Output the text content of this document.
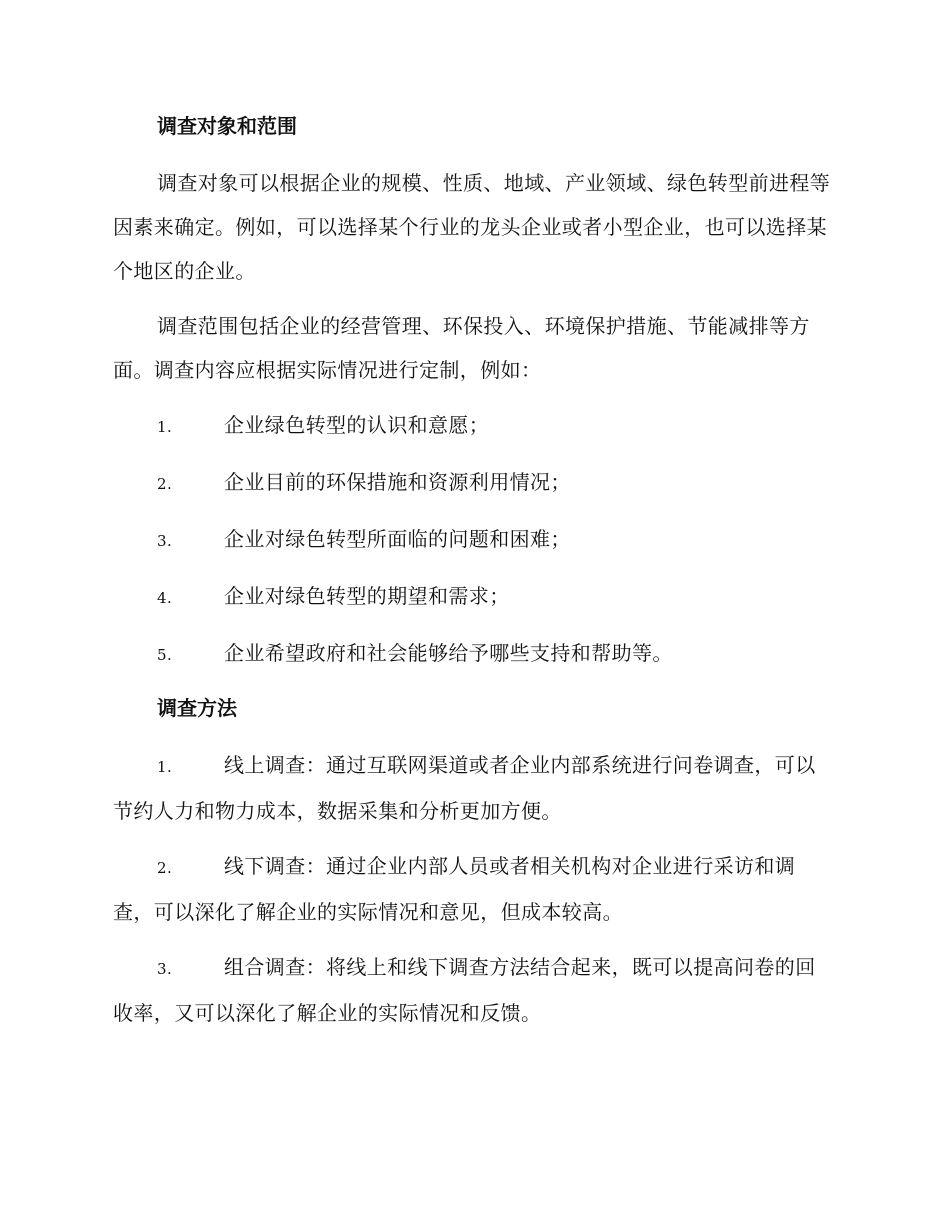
调查对象和范围

调查对象可以根据企业的规模、性质、地域、产业领域、绿色转型前进程等因素来确定。例如，可以选择某个行业的龙头企业或者小型企业，也可以选择某个地区的企业。

调查范围包括企业的经营管理、环保投入、环境保护措施、节能减排等方面。调查内容应根据实际情况进行定制，例如：

1.	企业绿色转型的认识和意愿；
2.	企业目前的环保措施和资源利用情况；
3.	企业对绿色转型所面临的问题和困难；
4.	企业对绿色转型的期望和需求；
5.	企业希望政府和社会能够给予哪些支持和帮助等。
调查方法
1.	线上调查：通过互联网渠道或者企业内部系统进行问卷调查，可以节约人力和物力成本，数据采集和分析更加方便。
2.	线下调查：通过企业内部人员或者相关机构对企业进行采访和调查，可以深化了解企业的实际情况和意见，但成本较高。
3.	组合调查：将线上和线下调查方法结合起来，既可以提高问卷的回收率，又可以深化了解企业的实际情况和反馈。
